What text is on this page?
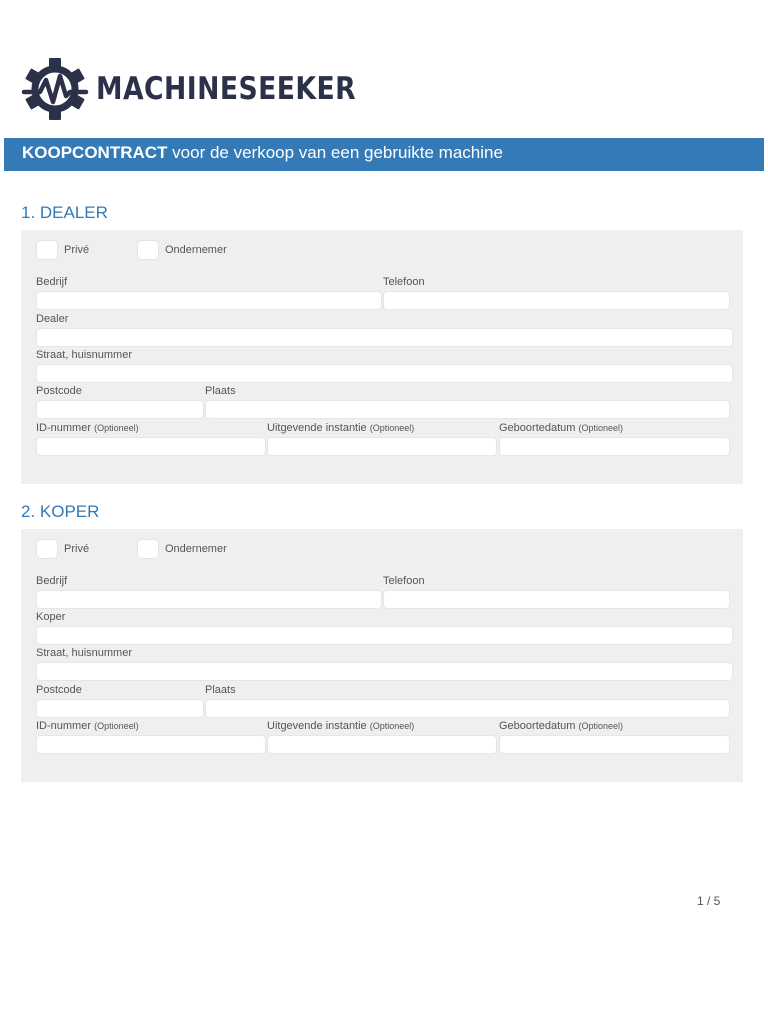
MACHINESEEKER
KOOPCONTRACT voor de verkoop van een gebruikte machine
1. DEALER
Privé	Ondernemer
Bedrijf	Telefoon
Dealer
Straat, huisnummer
Postcode	Plaats
ID-nummer (Optioneel)	Uitgevende instantie (Optioneel)	Geboortedatum (Optioneel)
2. KOPER
Privé	Ondernemer
Bedrijf	Telefoon
Koper
Straat, huisnummer
Postcode	Plaats
ID-nummer (Optioneel)	Uitgevende instantie (Optioneel)	Geboortedatum (Optioneel)
1 / 5
